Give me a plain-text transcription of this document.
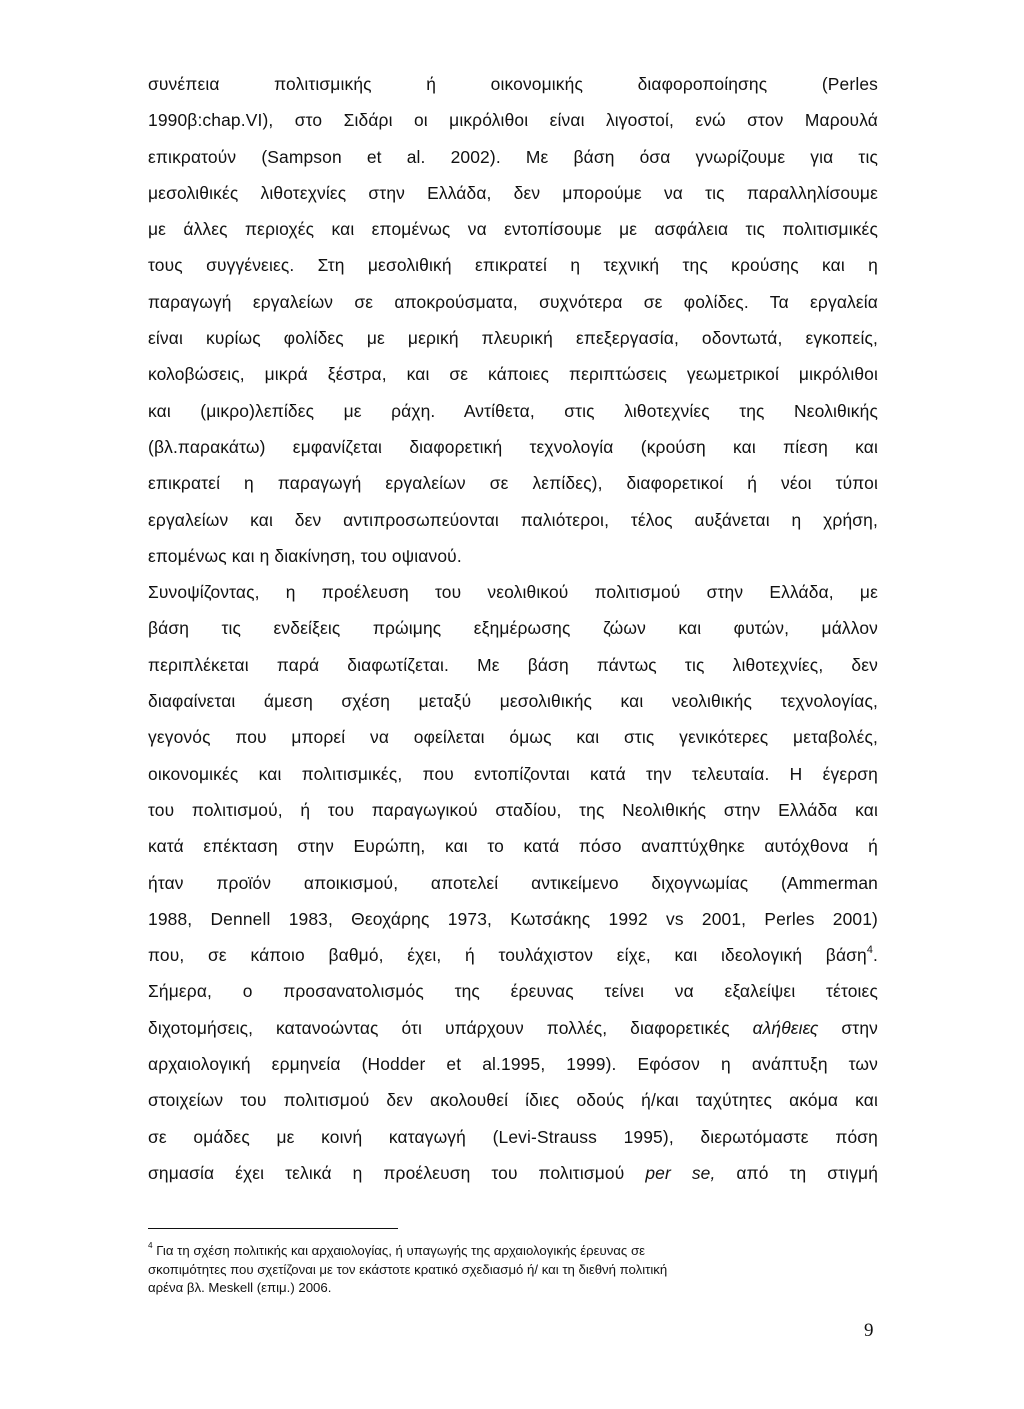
συνέπεια πολιτισμικής ή οικονομικής διαφοροποίησης (Perles
1990β:chap.VI), στο Σιδάρι οι μικρόλιθοι είναι λιγοστοί, ενώ στον Μαρουλά
επικρατούν (Sampson et al. 2002). Με βάση όσα γνωρίζουμε για τις
μεσολιθικές λιθοτεχνίες στην Ελλάδα, δεν μπορούμε να τις παραλληλίσουμε
με άλλες περιοχές και επομένως να εντοπίσουμε με ασφάλεια τις πολιτισμικές
τους συγγένειες. Στη μεσολιθική επικρατεί η τεχνική της κρούσης και η
παραγωγή εργαλείων σε αποκρούσματα, συχνότερα σε φολίδες. Τα εργαλεία
είναι κυρίως φολίδες με μερική πλευρική επεξεργασία, οδοντωτά, εγκοπείς,
κολοβώσεις, μικρά ξέστρα, και σε κάποιες περιπτώσεις γεωμετρικοί μικρόλιθοι
και (μικρο)λεπίδες με ράχη. Αντίθετα, στις λιθοτεχνίες της Νεολιθικής
(βλ.παρακάτω) εμφανίζεται διαφορετική τεχνολογία (κρούση και πίεση και
επικρατεί η παραγωγή εργαλείων σε λεπίδες), διαφορετικοί ή νέοι τύποι
εργαλείων και δεν αντιπροσωπεύονται παλιότεροι, τέλος αυξάνεται η χρήση,
επομένως και η διακίνηση, του οψιανού.
Συνοψίζοντας, η προέλευση του νεολιθικού πολιτισμού στην Ελλάδα, με
βάση τις ενδείξεις πρώιμης εξημέρωσης ζώων και φυτών, μάλλον
περιπλέκεται παρά διαφωτίζεται. Με βάση πάντως τις λιθοτεχνίες, δεν
διαφαίνεται άμεση σχέση μεταξύ μεσολιθικής και νεολιθικής τεχνολογίας,
γεγονός που μπορεί να οφείλεται όμως και στις γενικότερες μεταβολές,
οικονομικές και πολιτισμικές, που εντοπίζονται κατά την τελευταία. Η έγερση
του πολιτισμού, ή του παραγωγικού σταδίου, της Νεολιθικής στην Ελλάδα και
κατά επέκταση στην Ευρώπη, και το κατά πόσο αναπτύχθηκε αυτόχθονα ή
ήταν προϊόν αποικισμού, αποτελεί αντικείμενο διχογνωμίας (Ammerman
1988, Dennell 1983, Θεοχάρης 1973, Κωτσάκης 1992 vs 2001, Perles 2001)
που, σε κάποιο βαθμό, έχει, ή τουλάχιστον είχε, και ιδεολογική βάση$^4$.
Σήμερα, ο προσανατολισμός της έρευνας τείνει να εξαλείψει τέτοιες
διχοτομήσεις, κατανοώντας ότι υπάρχουν πολλές, διαφορετικές αλήθειες στην
αρχαιολογική ερμηνεία (Hodder et al.1995, 1999). Εφόσον η ανάπτυξη των
στοιχείων του πολιτισμού δεν ακολουθεί ίδιες οδούς ή/και ταχύτητες ακόμα και
σε ομάδες με κοινή καταγωγή (Levi-Strauss 1995), διερωτόμαστε πόση
σημασία έχει τελικά η προέλευση του πολιτισμού per se, από τη στιγμή
$^4$ Για τη σχέση πολιτικής και αρχαιολογίας, ή υπαγωγής της αρχαιολογικής έρευνας σε
σκοπιμότητες που σχετίζοναι με τον εκάστοτε κρατικό σχεδιασμό ή/ και τη διεθνή πολιτική
αρένα βλ. Meskell (επιμ.) 2006.
9
